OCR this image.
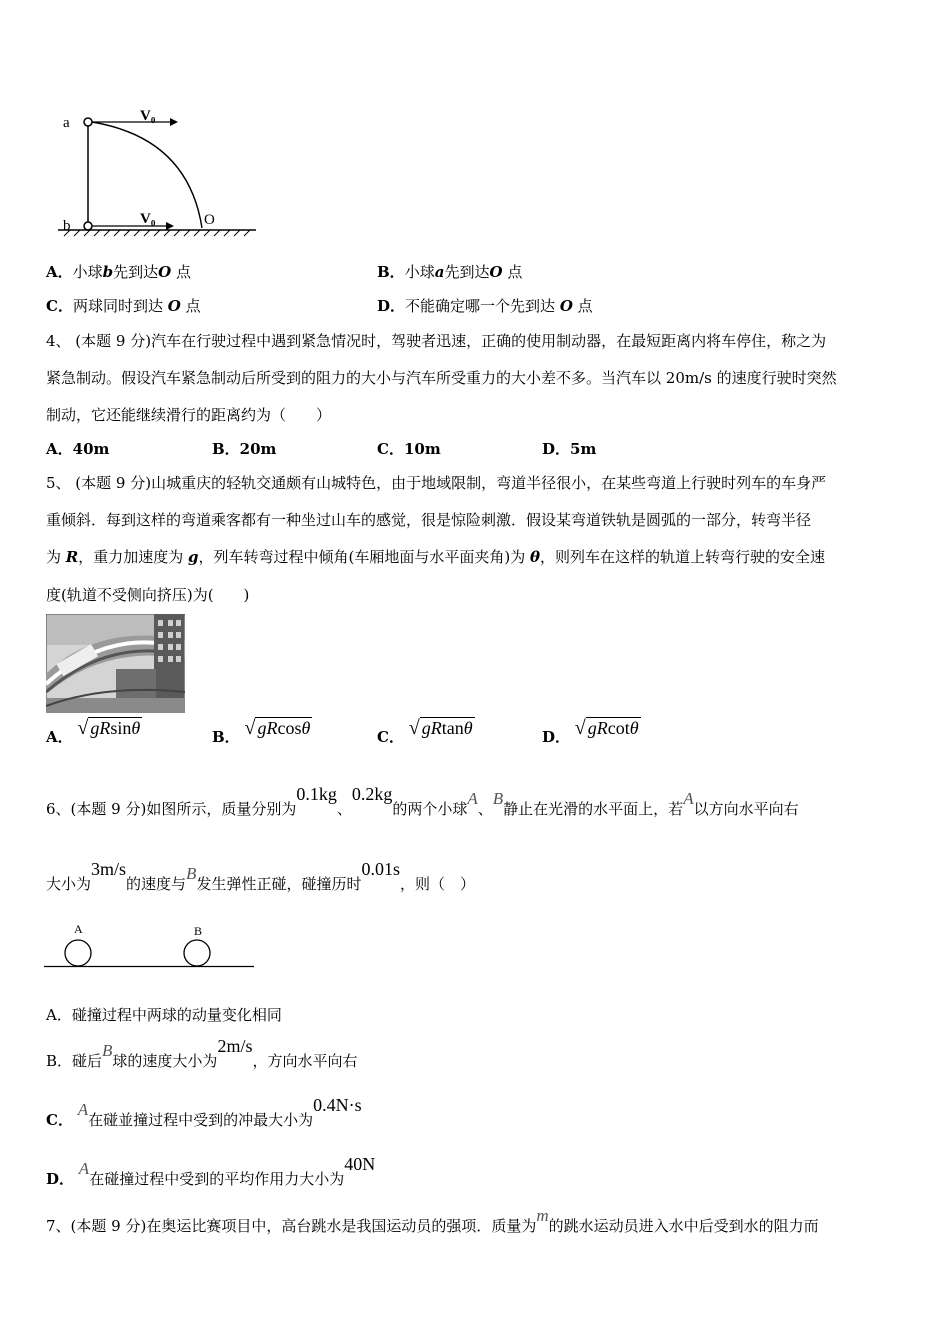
a
b	O
V₀
V₀
A．小球b先到达O 点	B．小球a先到达O 点
C．两球同时到达 O 点	D．不能确定哪一个先到达 O 点
4、 (本题 9 分)汽车在行驶过程中遇到紧急情况时，驾驶者迅速，正确的使用制动器，在最短距离内将车停住，称之为
紧急制动。假设汽车紧急制动后所受到的阻力的大小与汽车所受重力的大小差不多。当汽车以 20m/s 的速度行驶时突然
制动，它还能继续滑行的距离约为（　　）
A．40m	B．20m	C．10m	D．5m
5、 (本题 9 分)山城重庆的轻轨交通颇有山城特色，由于地域限制，弯道半径很小，在某些弯道上行驶时列车的车身严
重倾斜．每到这样的弯道乘客都有一种坐过山车的感觉，很是惊险刺激．假设某弯道铁轨是圆弧的一部分，转弯半径
为 R，重力加速度为 g，列车转弯过程中倾角(车厢地面与水平面夹角)为 θ，则列车在这样的轨道上转弯行驶的安全速
度(轨道不受侧向挤压)为(　　)
A． √ gRsinθ	B． √ gRcosθ	C． √ gRtanθ	D． √ gRcotθ
6、(本题 9 分)如图所示，质量分别为0.1kg、0.2kg的两个小球A、B静止在光滑的水平面上，若A以方向水平向右
大小为3m/s的速度与B发生弹性正碰，碰撞历时0.01s，则（　）
A	B
A．碰撞过程中两球的动量变化相同
B．碰后B球的速度大小为2m/s，方向水平向右
C． A在碰並撞过程中受到的冲最大小为0.4N·s
D． A在碰撞过程中受到的平均作用力大小为40N
7、(本题 9 分)在奥运比赛项目中，高台跳水是我国运动员的强项．质量为m的跳水运动员进入水中后受到水的阻力而
